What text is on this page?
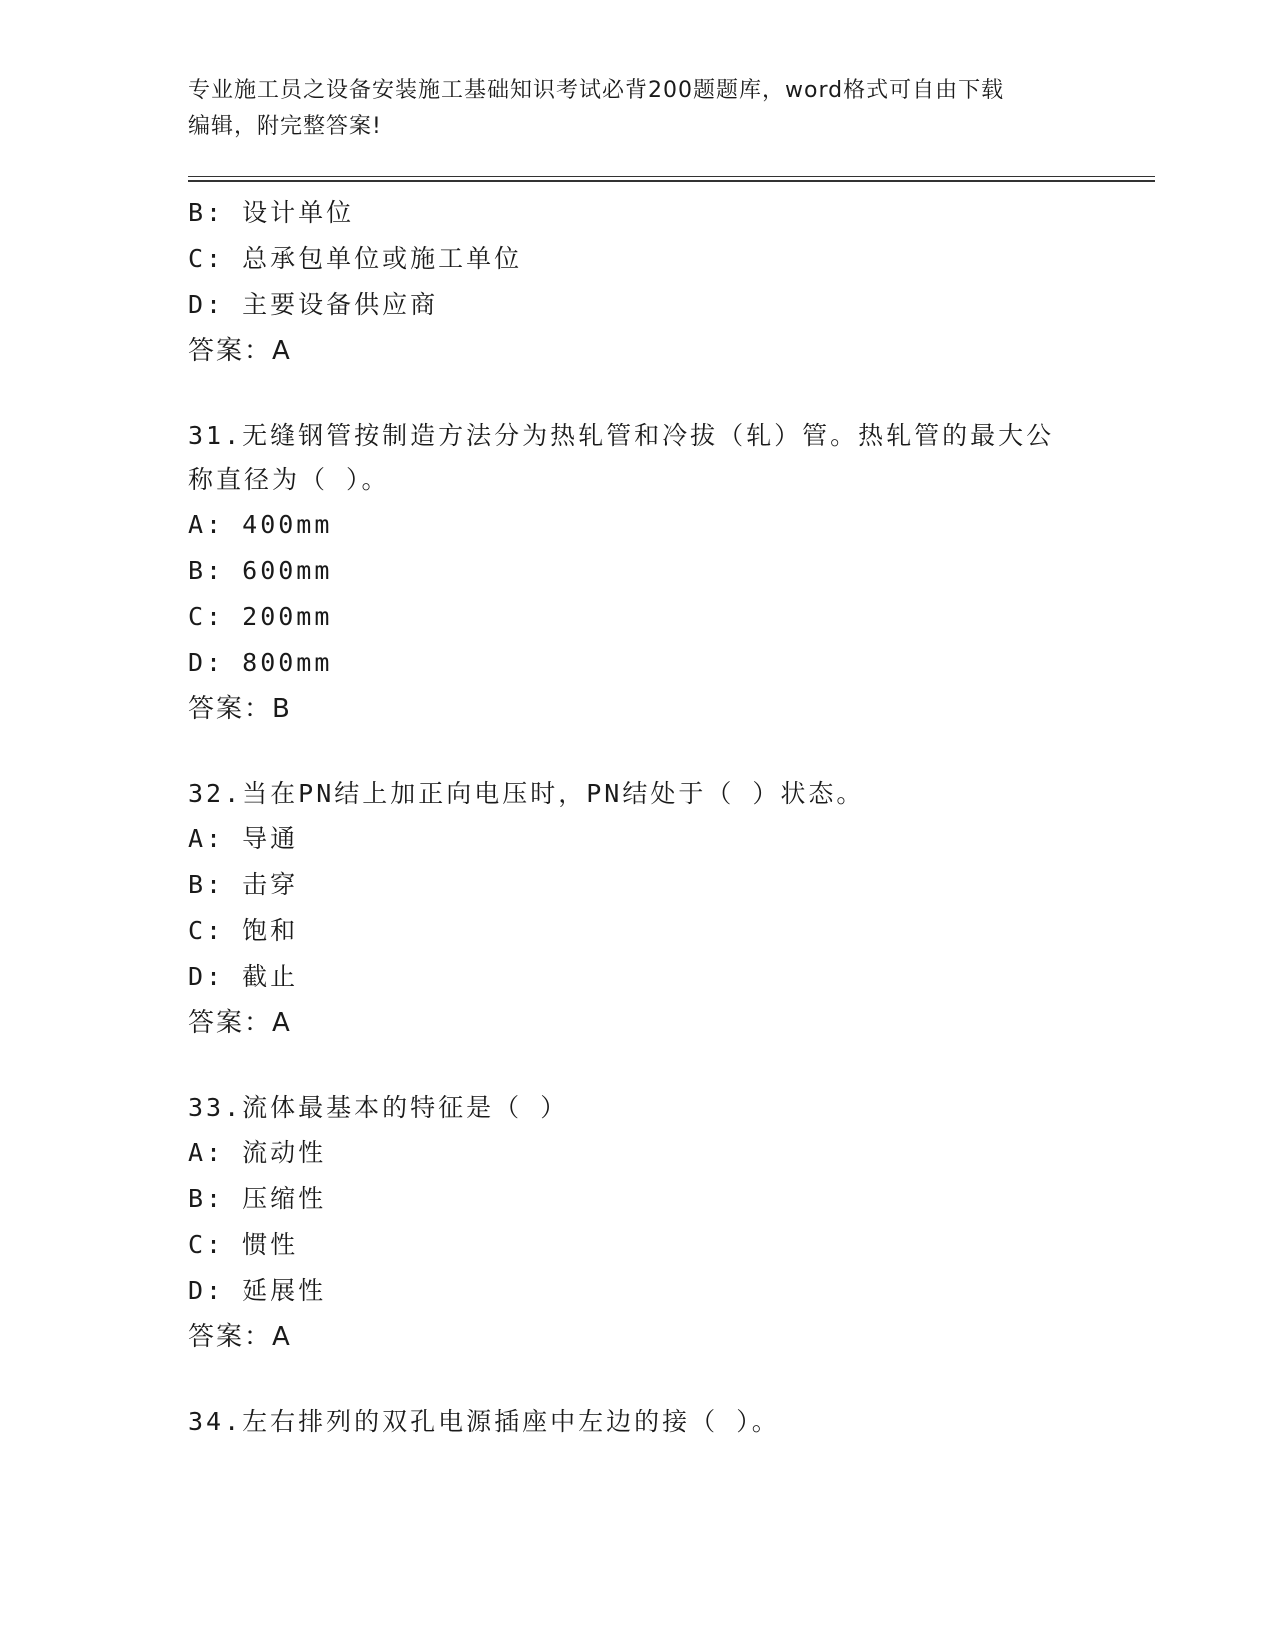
专业施工员之设备安装施工基础知识考试必背200题题库，word格式可自由下载
编辑，附完整答案!
B: 设计单位
C: 总承包单位或施工单位
D: 主要设备供应商
答案：A
31.无缝钢管按制造方法分为热轧管和冷拔（轧）管。热轧管的最大公
称直径为（ ）。
A: 400mm
B: 600mm
C: 200mm
D: 800mm
答案：B
32.当在PN结上加正向电压时，PN结处于（ ）状态。
A: 导通
B: 击穿
C: 饱和
D: 截止
答案：A
33.流体最基本的特征是（ ）
A: 流动性
B: 压缩性
C: 惯性
D: 延展性
答案：A
34.左右排列的双孔电源插座中左边的接（ ）。
